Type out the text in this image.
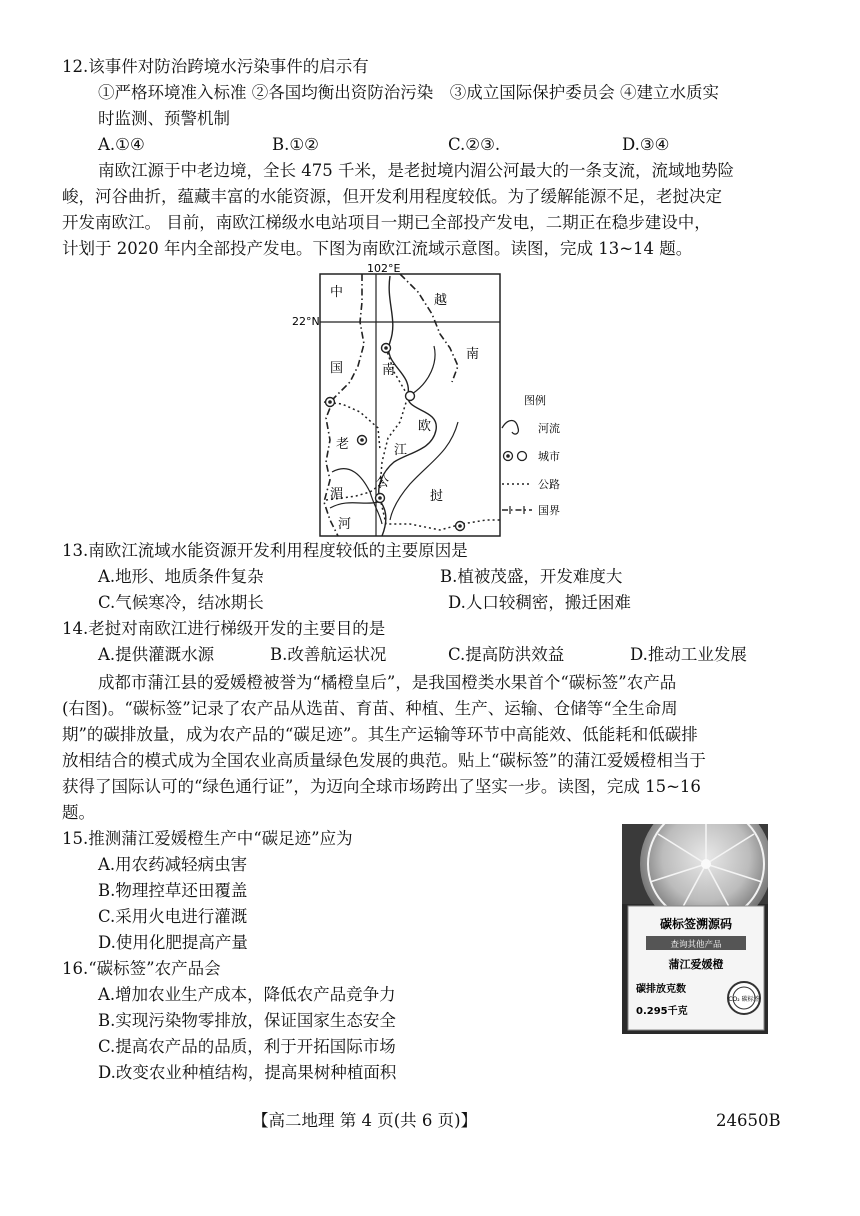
12.该事件对防治跨境水污染事件的启示有
①严格环境准入标准 ②各国均衡出资防治污染　③成立国际保护委员会 ④建立水质实
时监测、预警机制
A.①④	B.①②	C.②③.	D.③④
南欧江源于中老边境，全长 475 千米，是老挝境内湄公河最大的一条支流，流域地势险
峻，河谷曲折，蕴藏丰富的水能资源，但开发利用程度较低。为了缓解能源不足，老挝决定
开发南欧江。 目前，南欧江梯级水电站项目一期已全部投产发电，二期正在稳步建设中，
计划于 2020 年内全部投产发电。下图为南欧江流域示意图。读图，完成 13~14 题。
102°E
22°N
中
国
越
南
老
挝
南
欧
江
湄
公
河
图例
河流
城市
公路
国界
13.南欧江流域水能资源开发利用程度较低的主要原因是
A.地形、地质条件复杂	B.植被茂盛，开发难度大
C.气候寒冷，结冰期长	D.人口较稠密，搬迁困难
14.老挝对南欧江进行梯级开发的主要目的是
A.提供灌溉水源	B.改善航运状况	C.提高防洪效益	D.推动工业发展
成都市蒲江县的爱媛橙被誉为“橘橙皇后”，是我国橙类水果首个“碳标签”农产品
(右图)。“碳标签”记录了农产品从选苗、育苗、种植、生产、运输、仓储等“全生命周
期”的碳排放量，成为农产品的“碳足迹”。其生产运输等环节中高能效、低能耗和低碳排
放相结合的模式成为全国农业高质量绿色发展的典范。贴上“碳标签”的蒲江爱媛橙相当于
获得了国际认可的“绿色通行证”，为迈向全球市场跨出了坚实一步。读图，完成 15~16
题。
15.推测蒲江爱媛橙生产中“碳足迹”应为
A.用农药减轻病虫害
B.物理控草还田覆盖
C.采用火电进行灌溉
D.使用化肥提高产量
16.“碳标签”农产品会
A.增加农业生产成本，降低农产品竞争力
B.实现污染物零排放，保证国家生态安全
C.提高农产品的品质，利于开拓国际市场
D.改变农业种植结构，提高果树种植面积
碳标签溯源码
查询其他产品
蒲江爱媛橙
碳排放克数
0.295千克
CO₂ 碳标签
【高二地理 第 4 页(共 6 页)】	24650B
